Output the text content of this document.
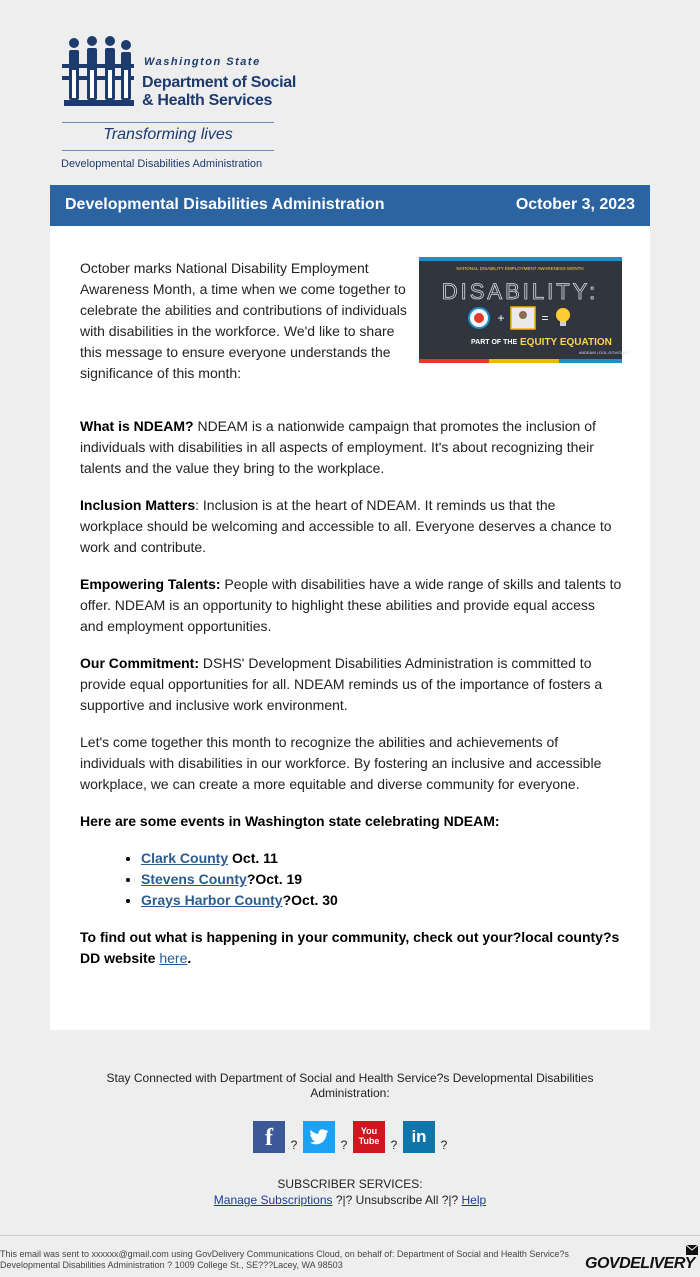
Washington State
Department of Social
& Health Services
Transforming lives
Developmental Disabilities Administration
Developmental Disabilities Administration	October 3, 2023
NATIONAL DISABILITY EMPLOYMENT AWARENESS MONTH
DISABILITY:
+	=
PART OF THE EQUITY EQUATION
#NDEAM | DOL.GOV/ODEP

October marks National Disability Employment Awareness Month, a time when we come together to celebrate the abilities and contributions of individuals with disabilities in the workforce. We'd like to share this message to ensure everyone understands the significance of this month:

What is NDEAM? NDEAM is a nationwide campaign that promotes the inclusion of individuals with disabilities in all aspects of employment. It's about recognizing their talents and the value they bring to the workplace.

Inclusion Matters: Inclusion is at the heart of NDEAM. It reminds us that the workplace should be welcoming and accessible to all. Everyone deserves a chance to work and contribute.

Empowering Talents: People with disabilities have a wide range of skills and talents to offer. NDEAM is an opportunity to highlight these abilities and provide equal access and employment opportunities.

Our Commitment: DSHS' Development Disabilities Administration is committed to provide equal opportunities for all. NDEAM reminds us of the importance of fosters a supportive and inclusive work environment.

Let's come together this month to recognize the abilities and achievements of individuals with disabilities in our workforce. By fostering an inclusive and accessible workplace, we can create a more equitable and diverse community for everyone.

Here are some events in Washington state celebrating NDEAM:
• Clark County Oct. 11
• Stevens County?Oct. 19
• Grays Harbor County?Oct. 30

To find out what is happening in your community, check out your?local county?s DD website here.

Stay Connected with Department of Social and Health Service?s Developmental Disabilities Administration:
f	?	?
You Tube ? in	?
SUBSCRIBER SERVICES:
Manage Subscriptions ?|? Unsubscribe All ?|? Help
This email was sent to xxxxxx@gmail.com using GovDelivery Communications Cloud, on behalf of: Department of Social and Health Service?s Developmental Disabilities Administration ? 1009 College St., SE???Lacey, WA 98503	GOVDELIVERY
